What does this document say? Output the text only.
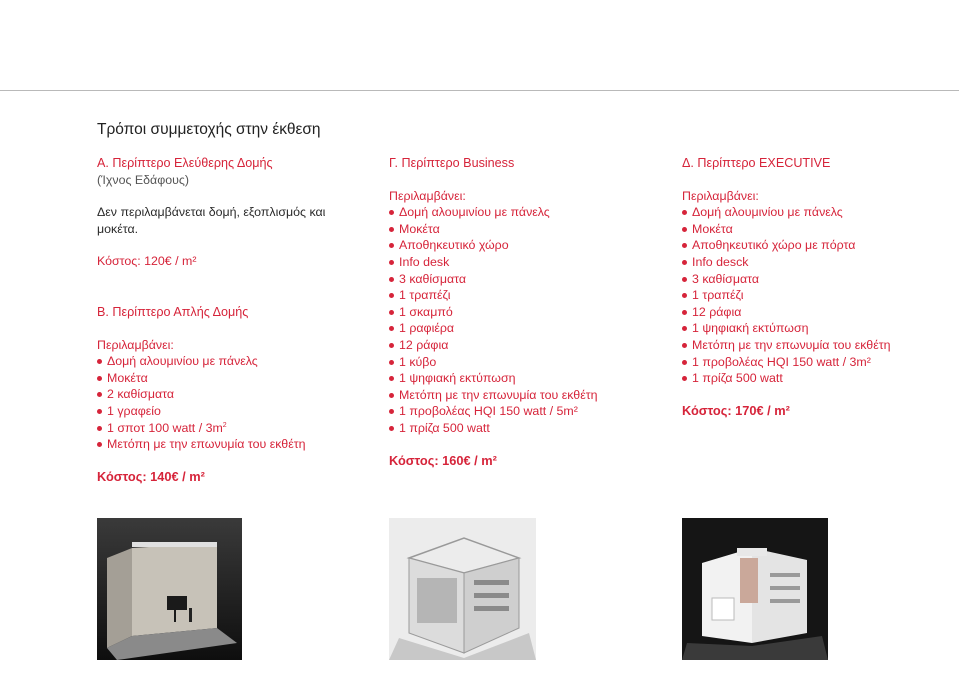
Τρόποι συμμετοχής στην έκθεση
Α. Περίπτερο Ελεύθερης Δομής
(Ίχνος Εδάφους)
Δεν περιλαμβάνεται δομή, εξοπλισμός και
μοκέτα.
Κόστος: 120€ / m²
Β. Περίπτερο Απλής Δομής
Περιλαμβάνει:
Δομή αλουμινίου με πάνελς
Μοκέτα
2 καθίσματα
1 γραφείο
1 σποτ 100 watt / $3m^2$
Μετόπη με την επωνυμία του εκθέτη
Κόστος: 140€ / m²
Γ. Περίπτερο Business
Περιλαμβάνει:
Δομή αλουμινίου με πάνελς
Μοκέτα
Αποθηκευτικό χώρο
Info desk
3 καθίσματα
1 τραπέζι
1 σκαμπό
1 ραφιέρα
12 ράφια
1 κύβο
1 ψηφιακή εκτύπωση
Μετόπη με την επωνυμία του εκθέτη
1 προβολέας HQI 150 watt / 5m²
1 πρίζα 500 watt
Κόστος: 160€ / m²
Δ. Περίπτερο EXECUTIVE
Περιλαμβάνει:
Δομή αλουμινίου με πάνελς
Μοκέτα
Αποθηκευτικό χώρο με πόρτα
Info desck
3 καθίσματα
1 τραπέζι
12 ράφια
1 ψηφιακή εκτύπωση
Μετόπη με την επωνυμία του εκθέτη
1 προβολέας HQI 150 watt / 3m²
1 πρίζα 500 watt
Κόστος: 170€ / m²
